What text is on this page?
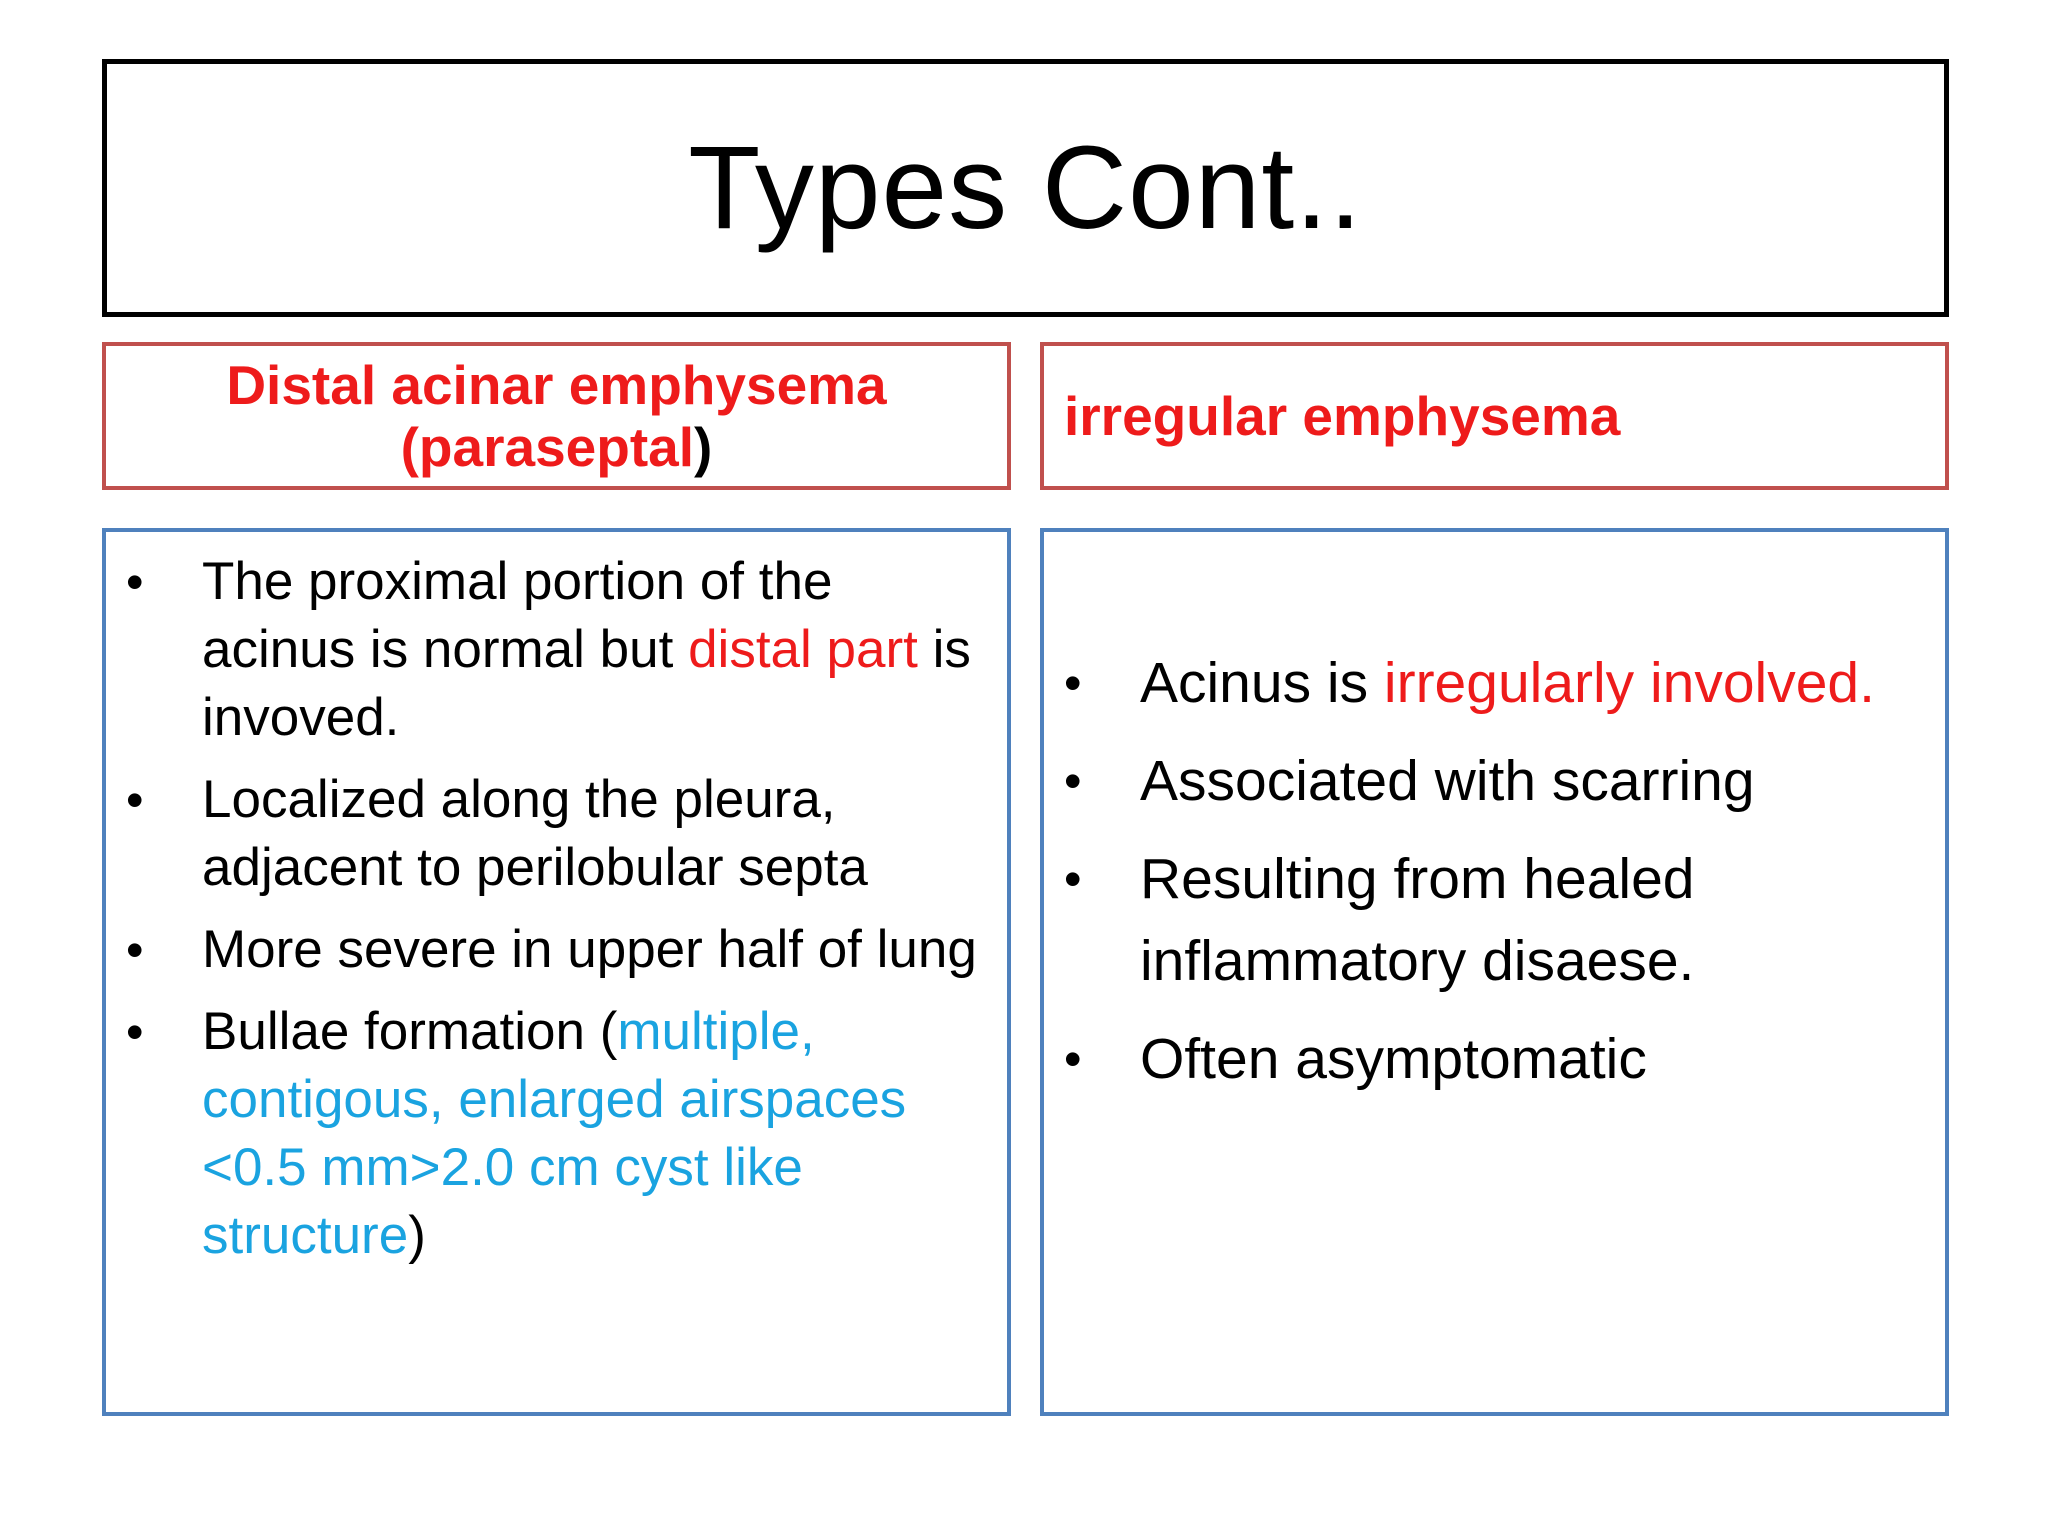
Types Cont..
Distal acinar emphysema
(paraseptal)	irregular emphysema
• The proximal portion of the acinus is normal but distal part is invoved.
• Localized along the pleura, adjacent to perilobular septa
• More severe in upper half of lung
• Bullae formation (multiple, contigous, enlarged airspaces <0.5 mm>2.0 cm cyst like structure)
• Acinus is irregularly involved.
• Associated with scarring
• Resulting from healed inflammatory disaese.
• Often asymptomatic
